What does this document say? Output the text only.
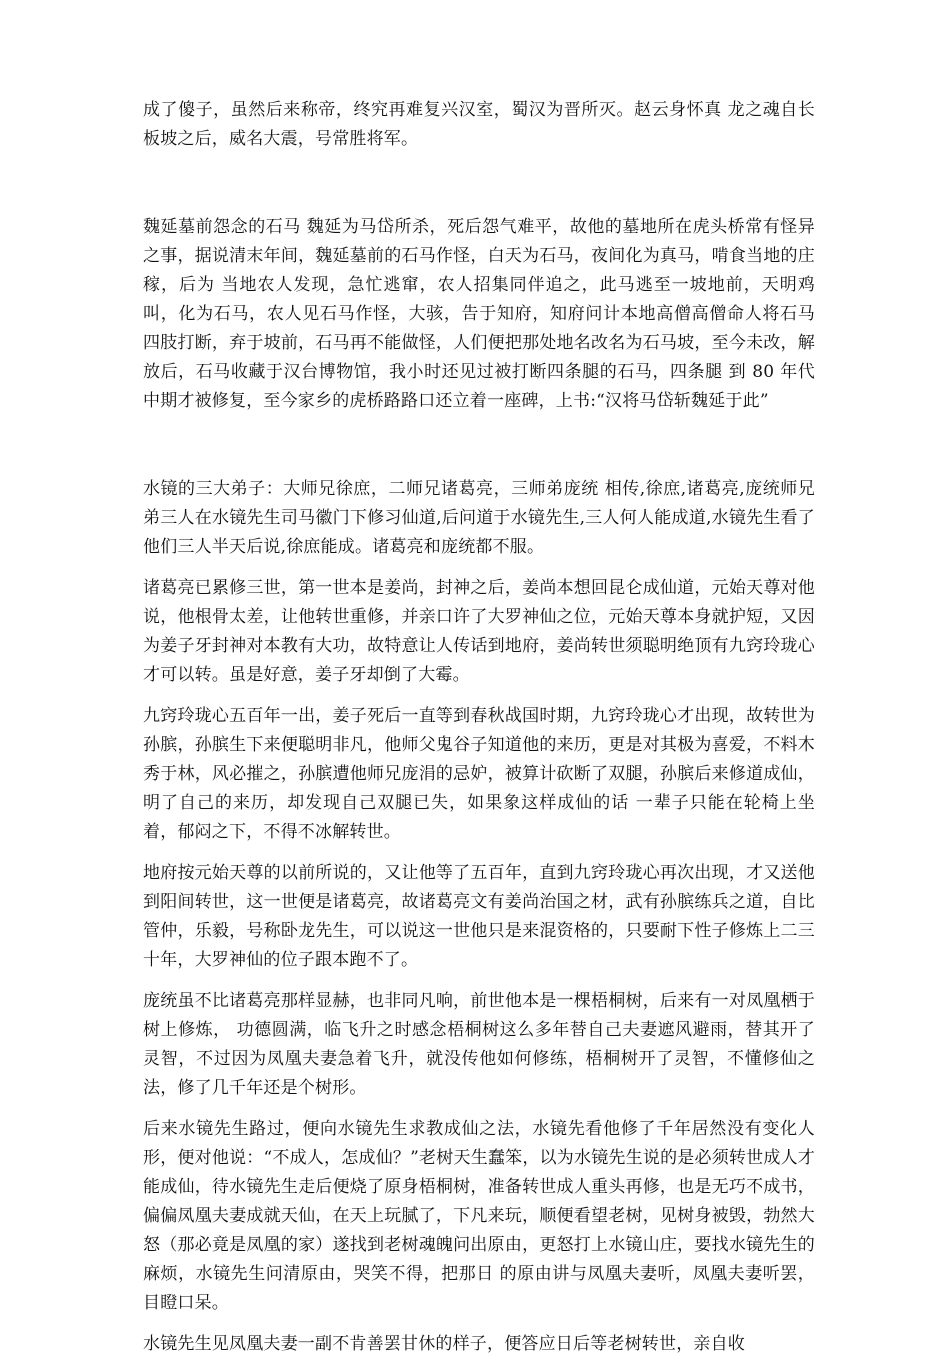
成了傻子，虽然后来称帝，终究再难复兴汉室，蜀汉为晋所灭。赵云身怀真 龙之魂自长板坡之后，威名大震，号常胜将军。

魏延墓前怨念的石马 魏延为马岱所杀，死后怨气难平，故他的墓地所在虎头桥常有怪异之事，据说清末年间，魏延墓前的石马作怪，白天为石马，夜间化为真马，啃食当地的庄稼，后为 当地农人发现，急忙逃窜，农人招集同伴追之，此马逃至一坡地前，天明鸡叫，化为石马，农人见石马作怪，大骇，告于知府，知府问计本地高僧高僧命人将石马 四肢打断，弃于坡前，石马再不能做怪，人们便把那处地名改名为石马坡，至今未改，解放后，石马收藏于汉台博物馆，我小时还见过被打断四条腿的石马，四条腿 到 80 年代中期才被修复，至今家乡的虎桥路路口还立着一座碑，上书:“汉将马岱斩魏延于此”

水镜的三大弟子：大师兄徐庶，二师兄诸葛亮，三师弟庞统 相传,徐庶,诸葛亮,庞统师兄弟三人在水镜先生司马徽门下修习仙道,后问道于水镜先生,三人何人能成道,水镜先生看了他们三人半天后说,徐庶能成。诸葛亮和庞统都不服。

诸葛亮已累修三世，第一世本是姜尚，封神之后，姜尚本想回昆仑成仙道，元始天尊对他说，他根骨太差，让他转世重修，并亲口许了大罗神仙之位，元始天尊本身就护短，又因为姜子牙封神对本教有大功，故特意让人传话到地府，姜尚转世须聪明绝顶有九窍玲珑心才可以转。虽是好意，姜子牙却倒了大霉。

九窍玲珑心五百年一出，姜子死后一直等到春秋战国时期，九窍玲珑心才出现，故转世为孙膑，孙膑生下来便聪明非凡，他师父鬼谷子知道他的来历，更是对其极为喜爱，不料木秀于林，风必摧之，孙膑遭他师兄庞涓的忌妒，被算计砍断了双腿，孙膑后来修道成仙，明了自己的来历，却发现自己双腿已失，如果象这样成仙的话 一辈子只能在轮椅上坐着，郁闷之下，不得不冰解转世。

地府按元始天尊的以前所说的，又让他等了五百年，直到九窍玲珑心再次出现，才又送他到阳间转世，这一世便是诸葛亮，故诸葛亮文有姜尚治国之材，武有孙膑练兵之道，自比管仲，乐毅，号称卧龙先生，可以说这一世他只是来混资格的，只要耐下性子修炼上二三十年，大罗神仙的位子跟本跑不了。

庞统虽不比诸葛亮那样显赫，也非同凡响，前世他本是一棵梧桐树，后来有一对凤凰栖于树上修炼， 功德圆满，临飞升之时感念梧桐树这么多年替自己夫妻遮风避雨，替其开了灵智，不过因为凤凰夫妻急着飞升，就没传他如何修练，梧桐树开了灵智，不懂修仙之法，修了几千年还是个树形。

后来水镜先生路过，便向水镜先生求教成仙之法，水镜先看他修了千年居然没有变化人形，便对他说：“不成人，怎成仙？”老树天生蠢笨，以为水镜先生说的是必须转世成人才能成仙，待水镜先生走后便烧了原身梧桐树，准备转世成人重头再修，也是无巧不成书，偏偏凤凰夫妻成就天仙，在天上玩腻了，下凡来玩，顺便看望老树，见树身被毁，勃然大怒（那必竟是凤凰的家）遂找到老树魂魄问出原由，更怒打上水镜山庄，要找水镜先生的麻烦，水镜先生问清原由，哭笑不得，把那日 的原由讲与凤凰夫妻听，凤凰夫妻听罢，目瞪口呆。

水镜先生见凤凰夫妻一副不肯善罢甘休的样子，便答应日后等老树转世，亲自收
